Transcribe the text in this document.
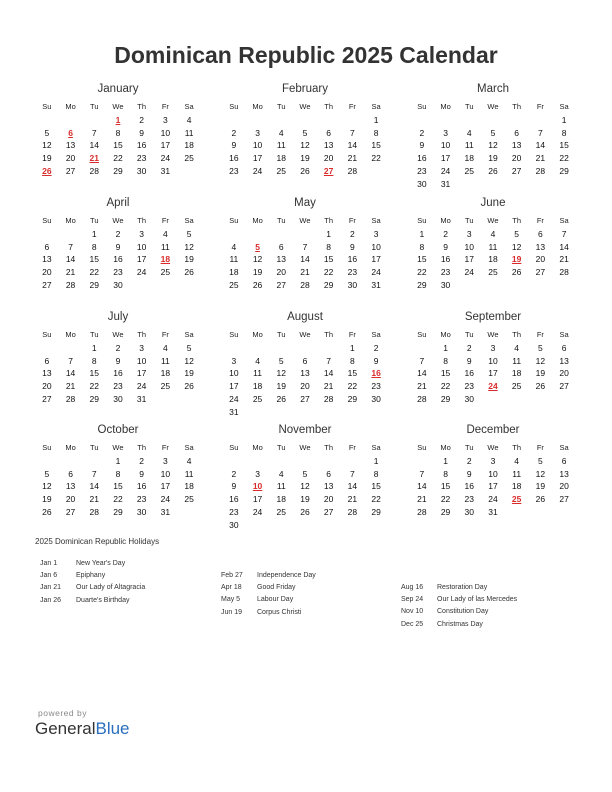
Dominican Republic 2025 Calendar
January
Su	Mo	Tu	We	Th	Fr	Sa
			1	2	3	4
5	6	7	8	9	10	11
12	13	14	15	16	17	18
19	20	21	22	23	24	25
26	27	28	29	30	31	
February
Su	Mo	Tu	We	Th	Fr	Sa
						1
2	3	4	5	6	7	8
9	10	11	12	13	14	15
16	17	18	19	20	21	22
23	24	25	26	27	28	
March
Su	Mo	Tu	We	Th	Fr	Sa
						1
2	3	4	5	6	7	8
9	10	11	12	13	14	15
16	17	18	19	20	21	22
23	24	25	26	27	28	29
30	31					
April
Su	Mo	Tu	We	Th	Fr	Sa
		1	2	3	4	5
6	7	8	9	10	11	12
13	14	15	16	17	18	19
20	21	22	23	24	25	26
27	28	29	30			
May
Su	Mo	Tu	We	Th	Fr	Sa
				1	2	3
4	5	6	7	8	9	10
11	12	13	14	15	16	17
18	19	20	21	22	23	24
25	26	27	28	29	30	31
June
Su	Mo	Tu	We	Th	Fr	Sa
1	2	3	4	5	6	7
8	9	10	11	12	13	14
15	16	17	18	19	20	21
22	23	24	25	26	27	28
29	30					
July
Su	Mo	Tu	We	Th	Fr	Sa
		1	2	3	4	5
6	7	8	9	10	11	12
13	14	15	16	17	18	19
20	21	22	23	24	25	26
27	28	29	30	31		
August
Su	Mo	Tu	We	Th	Fr	Sa
					1	2
3	4	5	6	7	8	9
10	11	12	13	14	15	16
17	18	19	20	21	22	23
24	25	26	27	28	29	30
31						
September
Su	Mo	Tu	We	Th	Fr	Sa
	1	2	3	4	5	6
7	8	9	10	11	12	13
14	15	16	17	18	19	20
21	22	23	24	25	26	27
28	29	30				
October
Su	Mo	Tu	We	Th	Fr	Sa
			1	2	3	4
5	6	7	8	9	10	11
12	13	14	15	16	17	18
19	20	21	22	23	24	25
26	27	28	29	30	31	
November
Su	Mo	Tu	We	Th	Fr	Sa
						1
2	3	4	5	6	7	8
9	10	11	12	13	14	15
16	17	18	19	20	21	22
23	24	25	26	27	28	29
30						
December
Su	Mo	Tu	We	Th	Fr	Sa
	1	2	3	4	5	6
7	8	9	10	11	12	13
14	15	16	17	18	19	20
21	22	23	24	25	26	27
28	29	30	31			
2025 Dominican Republic Holidays
Jan 1	New Year's Day
Jan 6	Epiphany
Jan 21 Our Lady of Altagracia
Jan 26 Duarte's Birthday
Feb 27 Independence Day
Apr 18 Good Friday
May 5 Labour Day
Jun 19 Corpus Christi
Aug 16 Restoration Day
Sep 24 Our Lady of las Mercedes
Nov 10 Constitution Day
Dec 25 Christmas Day
powered by
GeneralBlue
